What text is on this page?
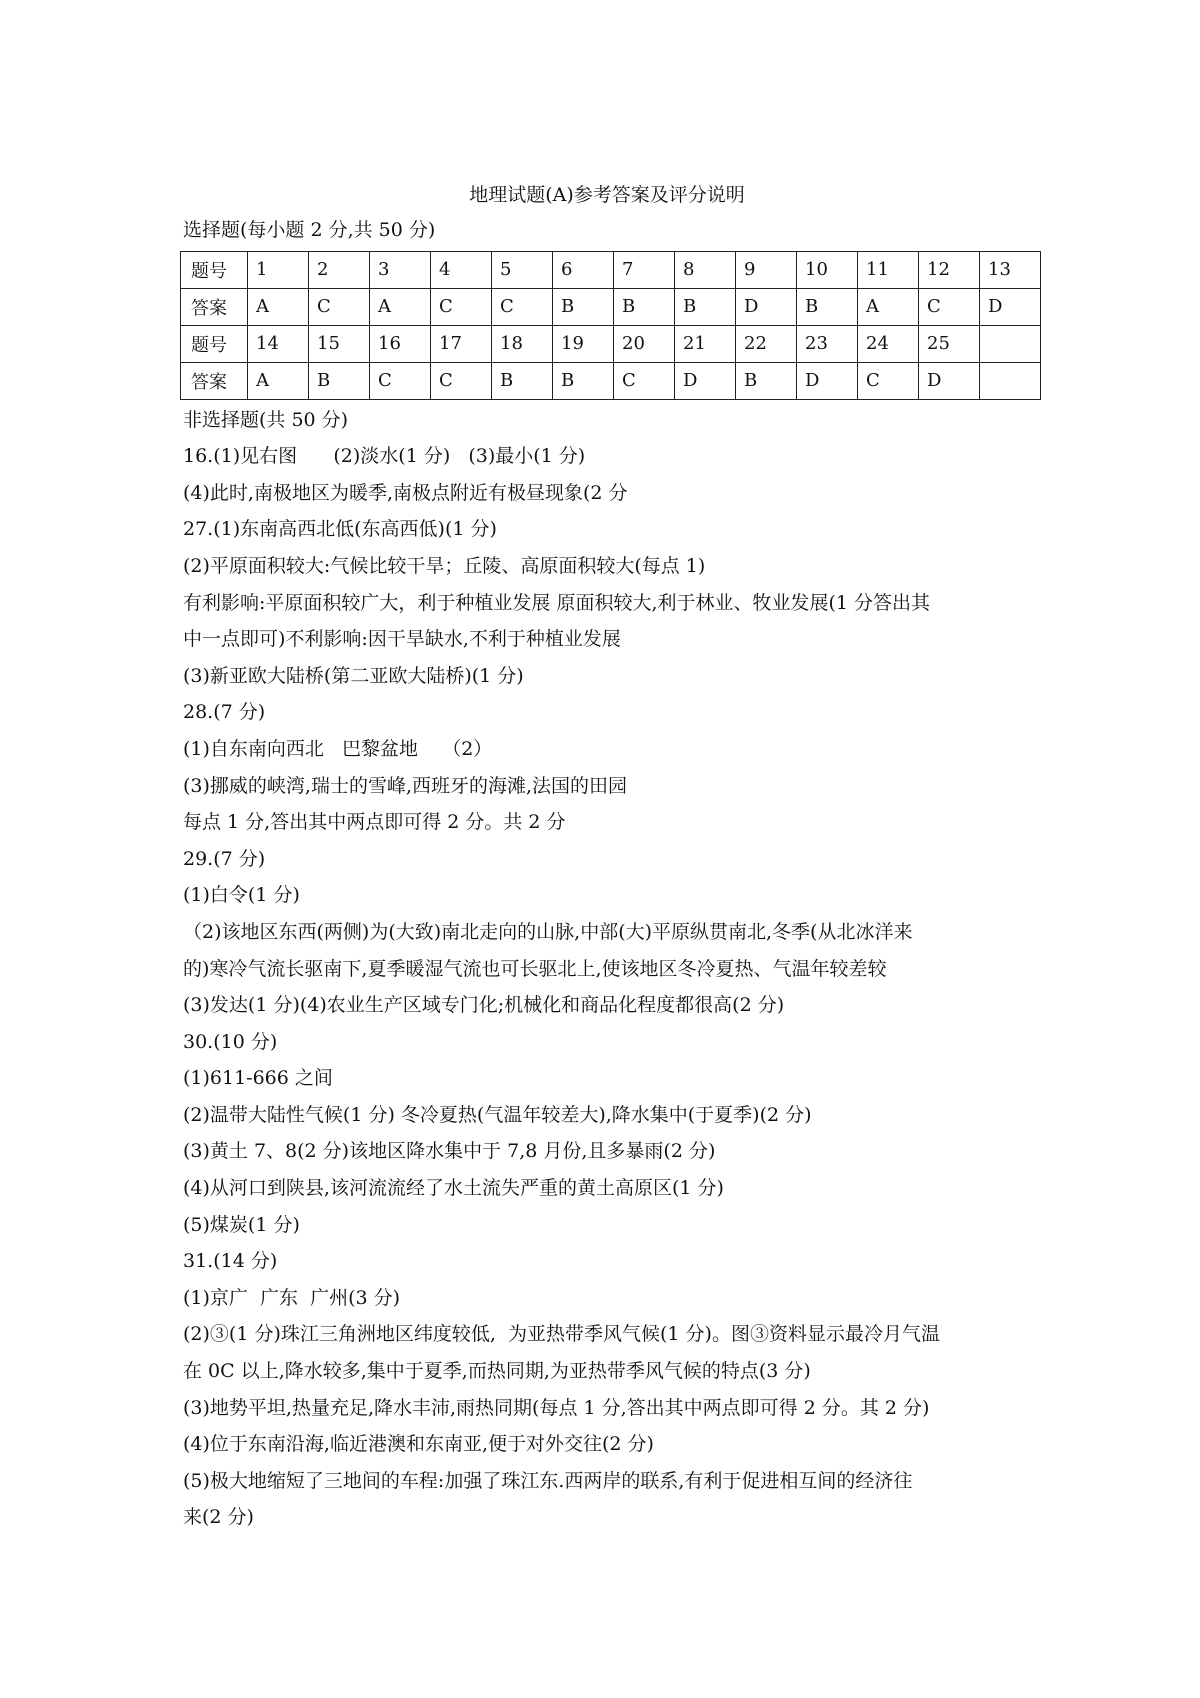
地理试题(A)参考答案及评分说明
选择题(每小题 2 分,共 50 分)
题号	1	2	3	4	5	6	7	8	9	10	11	12	13
答案	A	C	A	C	C	B	B	B	D	B	A	C	D
题号	14	15	16	17	18	19	20	21	22	23	24	25	
答案	A	B	C	C	B	B	C	D	B	D	C	D	
非选择题(共 50 分)
16.(1)见右图      (2)淡水(1 分)   (3)最小(1 分)
(4)此时,南极地区为暖季,南极点附近有极昼现象(2 分
27.(1)东南高西北低(东高西低)(1 分)
(2)平原面积较大:气候比较干旱；丘陵、高原面积较大(每点 1)
有利影响:平原面积较广大，利于种植业发展 原面积较大,利于林业、牧业发展(1 分答出其
中一点即可)不利影响:因干旱缺水,不利于种植业发展
(3)新亚欧大陆桥(第二亚欧大陆桥)(1 分)
28.(7 分)
(1)自东南向西北   巴黎盆地    （2）
(3)挪威的峡湾,瑞士的雪峰,西班牙的海滩,法国的田园
每点 1 分,答出其中两点即可得 2 分。共 2 分
29.(7 分)
(1)白令(1 分)
（2)该地区东西(两侧)为(大致)南北走向的山脉,中部(大)平原纵贯南北,冬季(从北冰洋来
的)寒冷气流长驱南下,夏季暖湿气流也可长驱北上,使该地区冬冷夏热、气温年较差较
(3)发达(1 分)(4)农业生产区域专门化;机械化和商品化程度都很高(2 分)
30.(10 分)
(1)611-666 之间
(2)温带大陆性气候(1 分) 冬冷夏热(气温年较差大),降水集中(于夏季)(2 分)
(3)黄土 7、8(2 分)该地区降水集中于 7,8 月份,且多暴雨(2 分)
(4)从河口到陕县,该河流流经了水土流失严重的黄土高原区(1 分)
(5)煤炭(1 分)
31.(14 分)
(1)京广  广东  广州(3 分)
(2)③(1 分)珠江三角洲地区纬度较低,  为亚热带季风气候(1 分)。图③资料显示最冷月气温
在 0C 以上,降水较多,集中于夏季,而热同期,为亚热带季风气候的特点(3 分)
(3)地势平坦,热量充足,降水丰沛,雨热同期(每点 1 分,答出其中两点即可得 2 分。其 2 分)
(4)位于东南沿海,临近港澳和东南亚,便于对外交往(2 分)
(5)极大地缩短了三地间的车程:加强了珠江东.西两岸的联系,有利于促进相互间的经济往
来(2 分)
